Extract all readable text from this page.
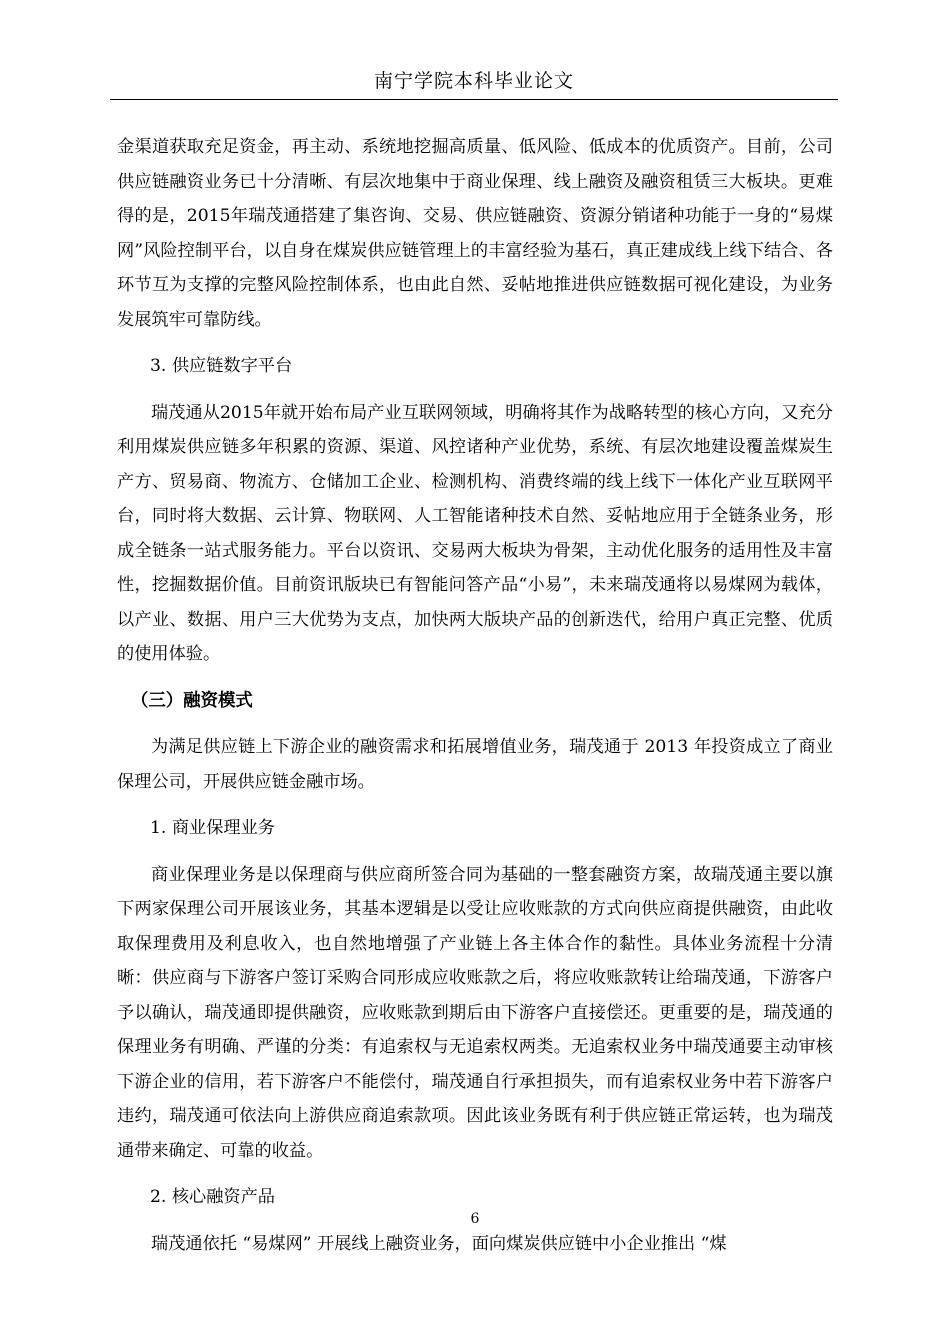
南宁学院本科毕业论文

金渠道获取充足资金，再主动、系统地挖掘高质量、低风险、低成本的优质资产。目前，公司供应链融资业务已十分清晰、有层次地集中于商业保理、线上融资及融资租赁三大板块。更难得的是，2015年瑞茂通搭建了集咨询、交易、供应链融资、资源分销诸种功能于一身的“易煤网”风险控制平台，以自身在煤炭供应链管理上的丰富经验为基石，真正建成线上线下结合、各环节互为支撑的完整风险控制体系，也由此自然、妥帖地推进供应链数据可视化建设，为业务发展筑牢可靠防线。

3. 供应链数字平台

瑞茂通从2015年就开始布局产业互联网领域，明确将其作为战略转型的核心方向，又充分利用煤炭供应链多年积累的资源、渠道、风控诸种产业优势，系统、有层次地建设覆盖煤炭生产方、贸易商、物流方、仓储加工企业、检测机构、消费终端的线上线下一体化产业互联网平台，同时将大数据、云计算、物联网、人工智能诸种技术自然、妥帖地应用于全链条业务，形成全链条一站式服务能力。平台以资讯、交易两大板块为骨架，主动优化服务的适用性及丰富性，挖掘数据价值。目前资讯版块已有智能问答产品“小易”，未来瑞茂通将以易煤网为载体，以产业、数据、用户三大优势为支点，加快两大版块产品的创新迭代，给用户真正完整、优质的使用体验。

（三）融资模式

为满足供应链上下游企业的融资需求和拓展增值业务，瑞茂通于 2013 年投资成立了商业保理公司，开展供应链金融市场。

1. 商业保理业务

商业保理业务是以保理商与供应商所签合同为基础的一整套融资方案，故瑞茂通主要以旗下两家保理公司开展该业务，其基本逻辑是以受让应收账款的方式向供应商提供融资，由此收取保理费用及利息收入，也自然地增强了产业链上各主体合作的黏性。具体业务流程十分清晰：供应商与下游客户签订采购合同形成应收账款之后，将应收账款转让给瑞茂通，下游客户予以确认，瑞茂通即提供融资，应收账款到期后由下游客户直接偿还。更重要的是，瑞茂通的保理业务有明确、严谨的分类：有追索权与无追索权两类。无追索权业务中瑞茂通要主动审核下游企业的信用，若下游客户不能偿付，瑞茂通自行承担损失，而有追索权业务中若下游客户违约，瑞茂通可依法向上游供应商追索款项。因此该业务既有利于供应链正常运转，也为瑞茂通带来确定、可靠的收益。

2. 核心融资产品

瑞茂通依托 “易煤网” 开展线上融资业务，面向煤炭供应链中小企业推出 “煤

6
